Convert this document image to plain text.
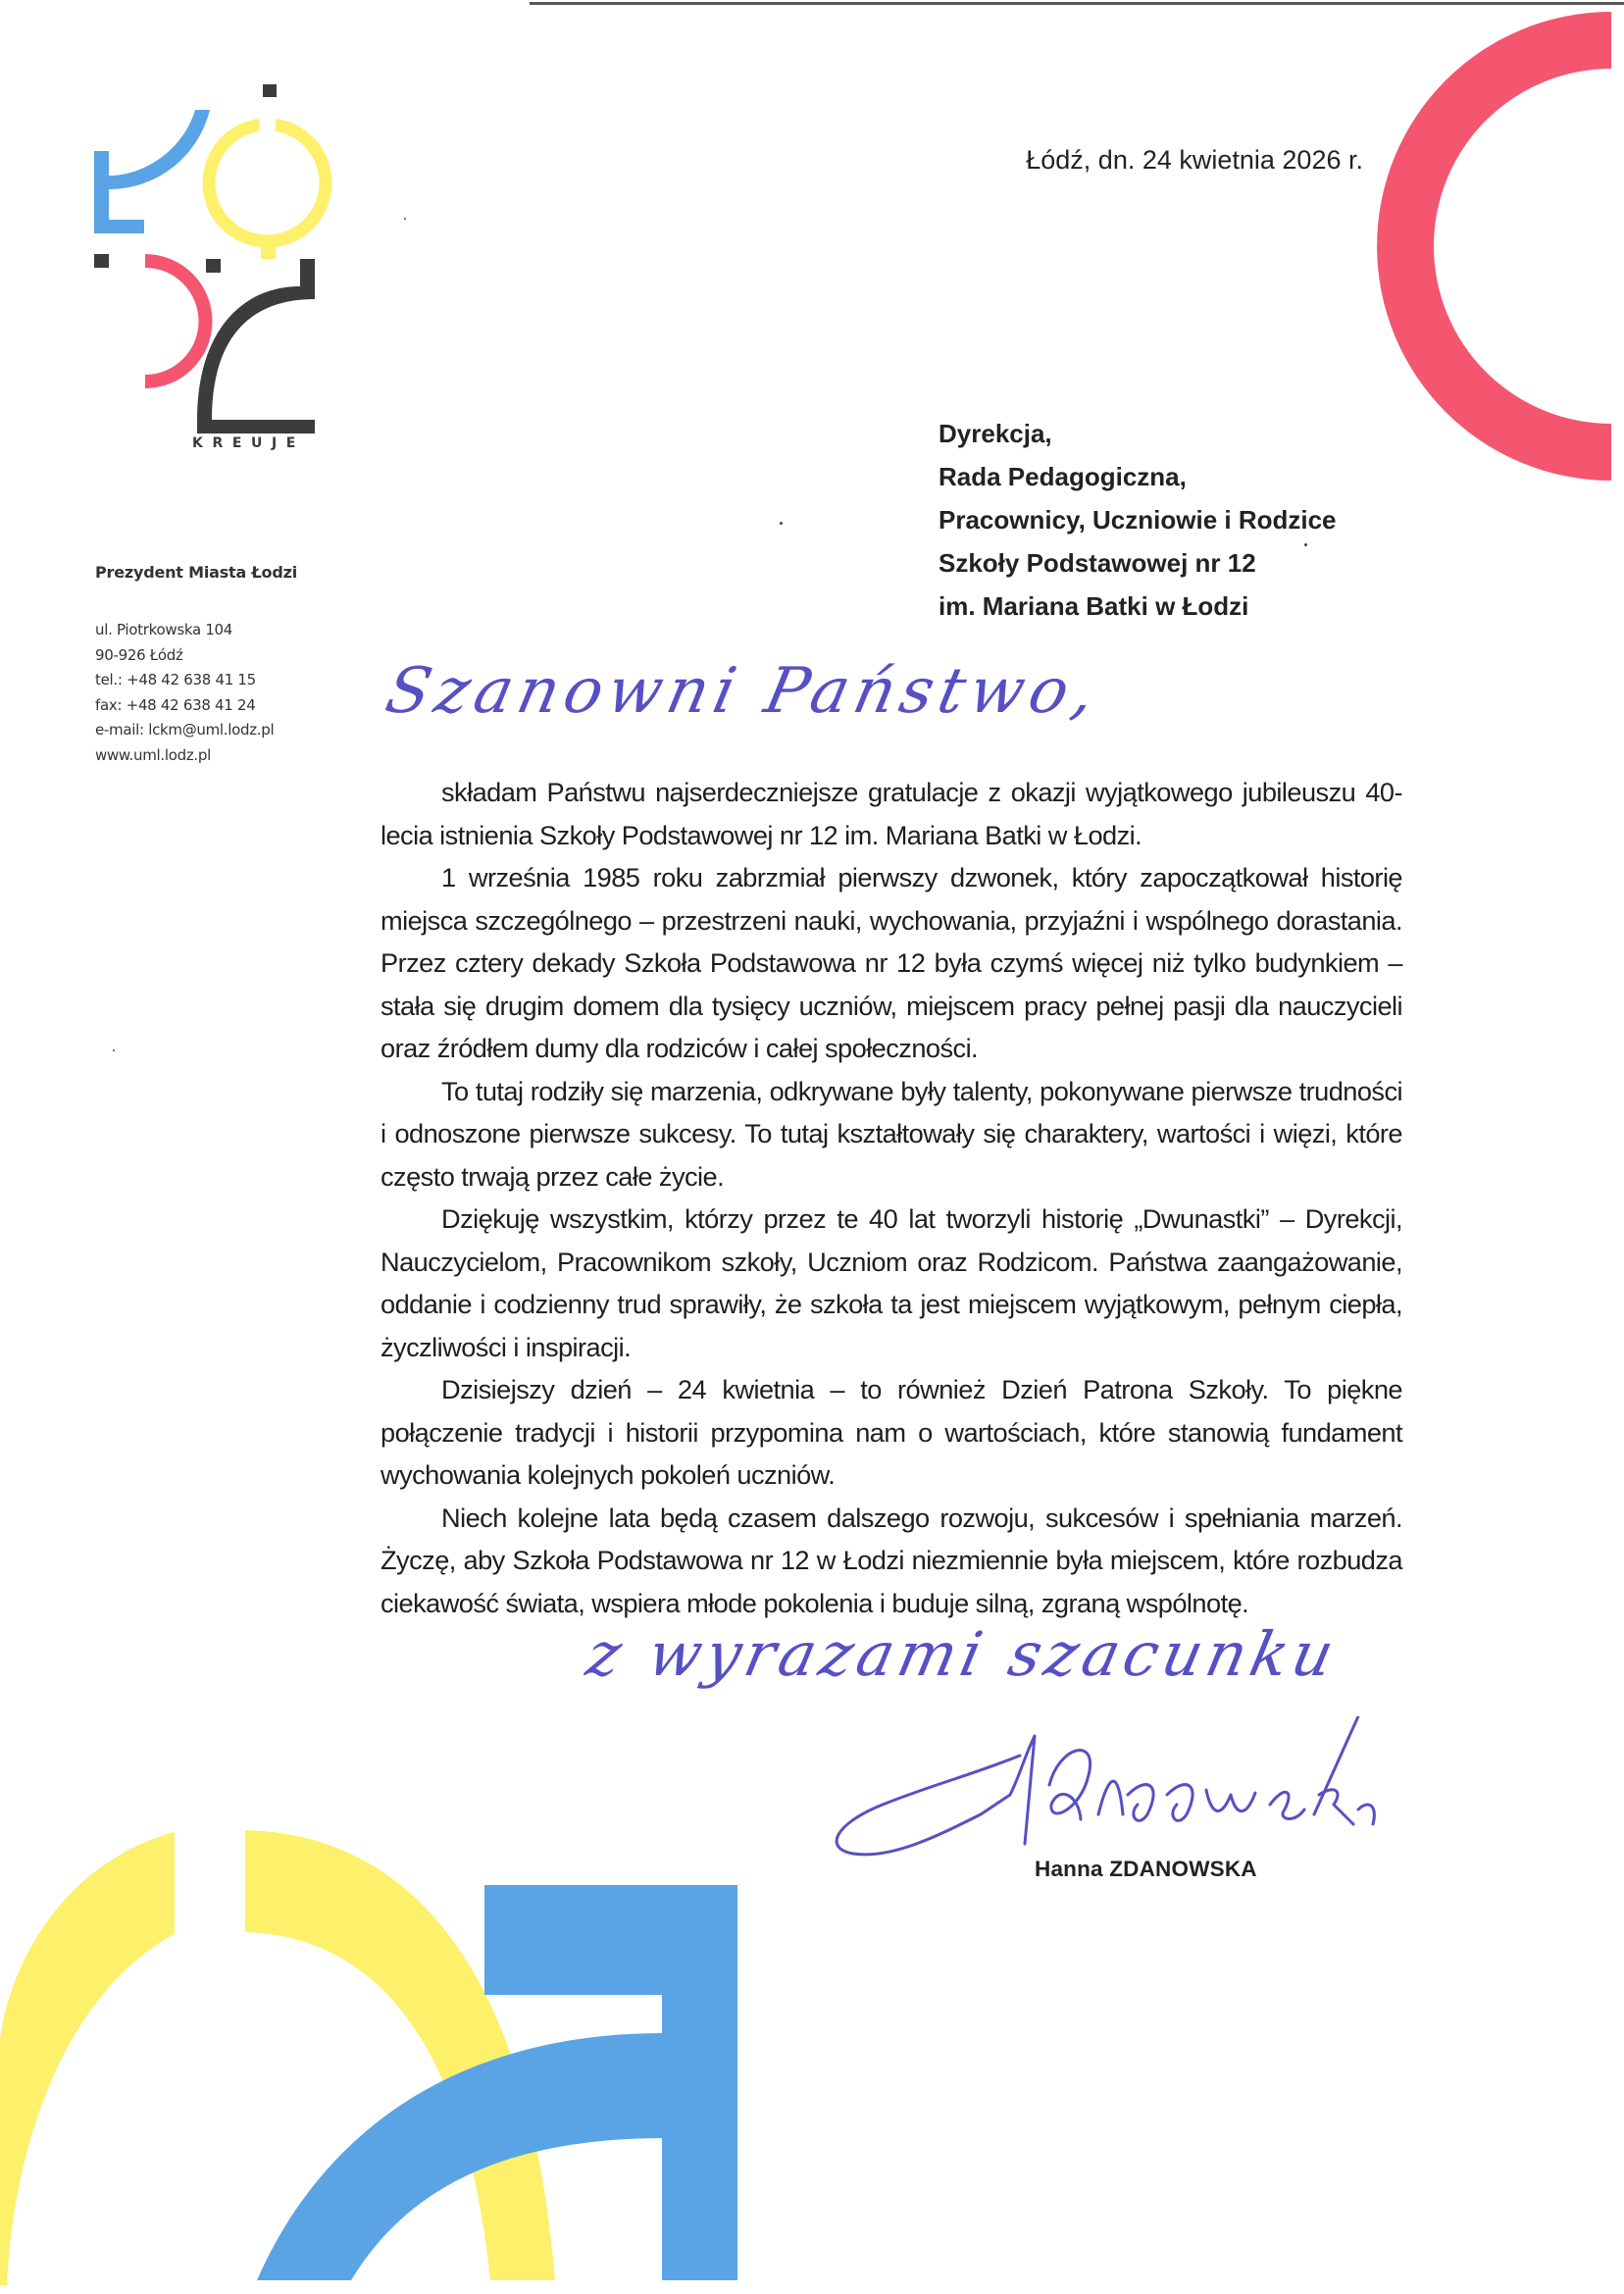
KREUJE
Prezydent Miasta Łodzi
ul. Piotrkowska 104
90-926 Łódź
tel.: +48 42 638 41 15
fax: +48 42 638 41 24
e-mail: lckm@uml.lodz.pl
www.uml.lodz.pl
Łódź, dn. 24 kwietnia 2026 r.
Dyrekcja,
Rada Pedagogiczna,
Pracownicy, Uczniowie i Rodzice
Szkoły Podstawowej nr 12
im. Mariana Batki w Łodzi
Szanowni Państwo,

składam Państwu najserdeczniejsze gratulacje z okazji wyjątkowego jubileuszu 40-lecia istnienia Szkoły Podstawowej nr 12 im. Mariana Batki w Łodzi.

1 września 1985 roku zabrzmiał pierwszy dzwonek, który zapoczątkował historię miejsca szczególnego – przestrzeni nauki, wychowania, przyjaźni i wspólnego dorastania. Przez cztery dekady Szkoła Podstawowa nr 12 była czymś więcej niż tylko budynkiem – stała się drugim domem dla tysięcy uczniów, miejscem pracy pełnej pasji dla nauczycieli oraz źródłem dumy dla rodziców i całej społeczności.

To tutaj rodziły się marzenia, odkrywane były talenty, pokonywane pierwsze trudności i odnoszone pierwsze sukcesy. To tutaj kształtowały się charaktery, wartości i więzi, które często trwają przez całe życie.

Dziękuję wszystkim, którzy przez te 40 lat tworzyli historię „Dwunastki” – Dyrekcji, Nauczycielom, Pracownikom szkoły, Uczniom oraz Rodzicom. Państwa zaangażowanie, oddanie i codzienny trud sprawiły, że szkoła ta jest miejscem wyjątkowym, pełnym ciepła, życzliwości i inspiracji.

Dzisiejszy dzień – 24 kwietnia – to również Dzień Patrona Szkoły. To piękne połączenie tradycji i historii przypomina nam o wartościach, które stanowią fundament wychowania kolejnych pokoleń uczniów.

Niech kolejne lata będą czasem dalszego rozwoju, sukcesów i spełniania marzeń. Życzę, aby Szkoła Podstawowa nr 12 w Łodzi niezmiennie była miejscem, które rozbudza ciekawość świata, wspiera młode pokolenia i buduje silną, zgraną wspólnotę.

z wyrazami szacunku
Hanna ZDANOWSKA
